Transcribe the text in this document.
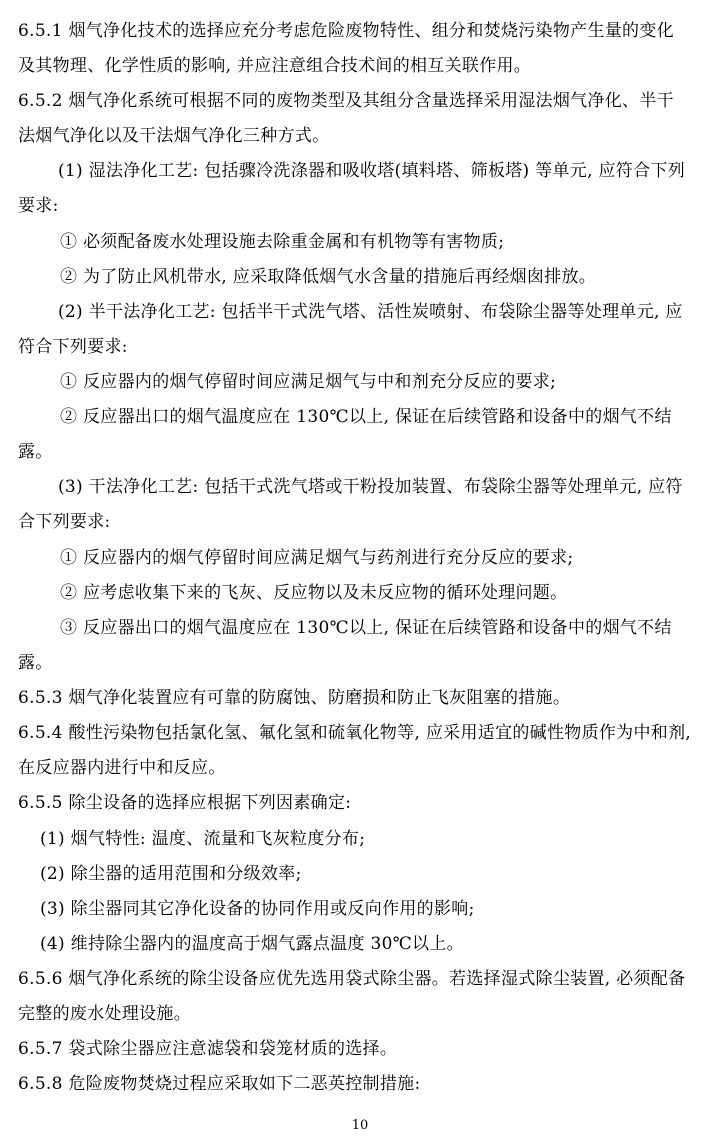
6.5.1 烟气净化技术的选择应充分考虑危险废物特性、组分和焚烧污染物产生量的变化
及其物理、化学性质的影响, 并应注意组合技术间的相互关联作用。
6.5.2 烟气净化系统可根据不同的废物类型及其组分含量选择采用湿法烟气净化、半干
法烟气净化以及干法烟气净化三种方式。
(1) 湿法净化工艺: 包括骤冷洗涤器和吸收塔(填料塔、筛板塔) 等单元, 应符合下列
要求:
① 必须配备废水处理设施去除重金属和有机物等有害物质;
② 为了防止风机带水, 应采取降低烟气水含量的措施后再经烟囱排放。
(2) 半干法净化工艺: 包括半干式洗气塔、活性炭喷射、布袋除尘器等处理单元, 应
符合下列要求:
① 反应器内的烟气停留时间应满足烟气与中和剂充分反应的要求;
② 反应器出口的烟气温度应在 130℃以上, 保证在后续管路和设备中的烟气不结
露。
(3) 干法净化工艺: 包括干式洗气塔或干粉投加装置、布袋除尘器等处理单元, 应符
合下列要求:
① 反应器内的烟气停留时间应满足烟气与药剂进行充分反应的要求;
② 应考虑收集下来的飞灰、反应物以及未反应物的循环处理问题。
③ 反应器出口的烟气温度应在 130℃以上, 保证在后续管路和设备中的烟气不结
露。
6.5.3 烟气净化装置应有可靠的防腐蚀、防磨损和防止飞灰阻塞的措施。
6.5.4 酸性污染物包括氯化氢、氟化氢和硫氧化物等, 应采用适宜的碱性物质作为中和剂,
在反应器内进行中和反应。
6.5.5 除尘设备的选择应根据下列因素确定:
(1) 烟气特性: 温度、流量和飞灰粒度分布;
(2) 除尘器的适用范围和分级效率;
(3) 除尘器同其它净化设备的协同作用或反向作用的影响;
(4) 维持除尘器内的温度高于烟气露点温度 30℃以上。
6.5.6 烟气净化系统的除尘设备应优先选用袋式除尘器。若选择湿式除尘装置, 必须配备
完整的废水处理设施。
6.5.7 袋式除尘器应注意滤袋和袋笼材质的选择。
6.5.8 危险废物焚烧过程应采取如下二恶英控制措施:
10
